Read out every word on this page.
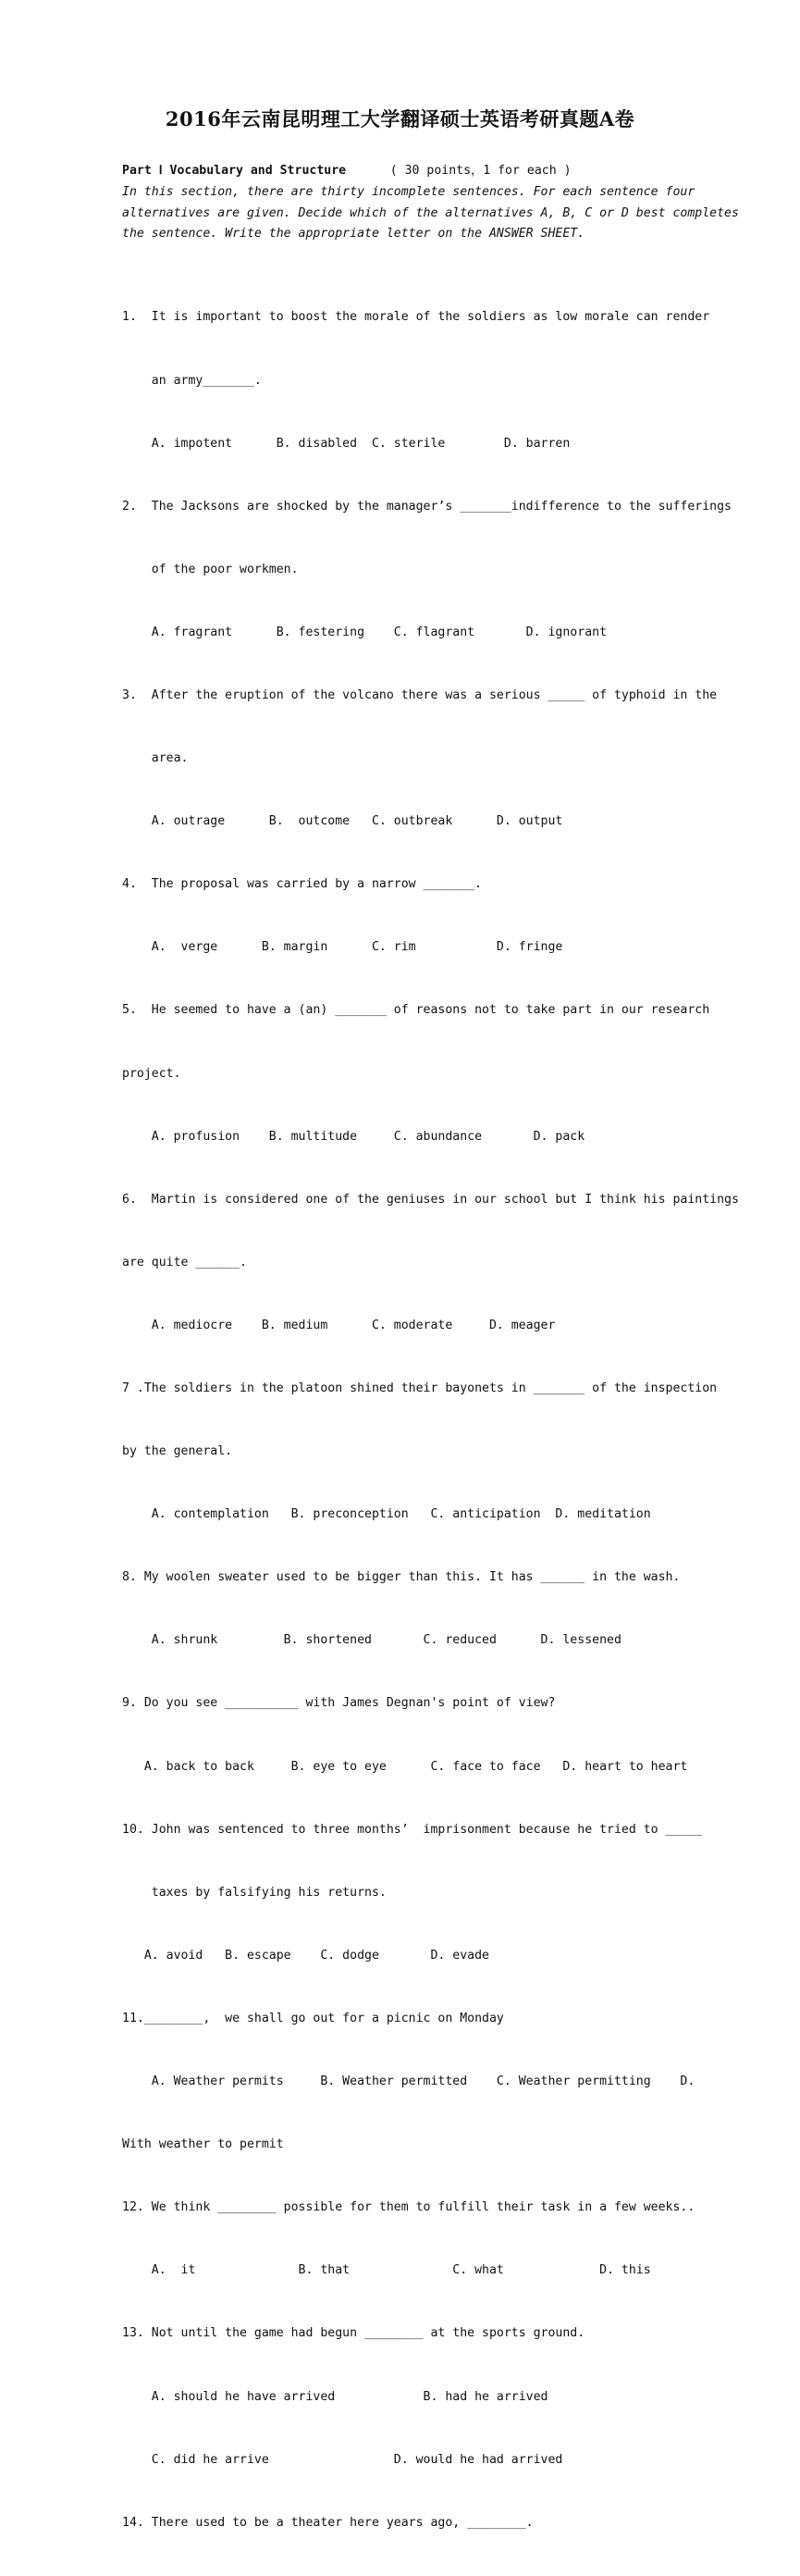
2016年云南昆明理工大学翻译硕士英语考研真题A卷
Part Ⅰ Vocabulary and Structure	( 30 points，1 for each )
In this section, there are thirty incomplete sentences. For each sentence four
alternatives are given. Decide which of the alternatives A, B, C or D best completes
the sentence. Write the appropriate letter on the ANSWER SHEET.

1.  It is important to boost the morale of the soldiers as low morale can render

an army_______.

A. impotent      B. disabled  C. sterile        D. barren

2.  The Jacksons are shocked by the manager’s _______indifference to the sufferings

of the poor workmen.

A. fragrant      B. festering    C. flagrant       D. ignorant

3.  After the eruption of the volcano there was a serious _____ of typhoid in the

area.

A. outrage      B.  outcome   C. outbreak      D. output

4.  The proposal was carried by a narrow _______.

A.  verge      B. margin      C. rim           D. fringe

5.  He seemed to have a (an) _______ of reasons not to take part in our research

project.

A. profusion    B. multitude     C. abundance       D. pack

6.  Martin is considered one of the geniuses in our school but I think his paintings

are quite ______.

A. mediocre    B. medium      C. moderate     D. meager

7 .The soldiers in the platoon shined their bayonets in _______ of the inspection

by the general.

A. contemplation   B. preconception   C. anticipation  D. meditation

8. My woolen sweater used to be bigger than this. It has ______ in the wash.

A. shrunk         B. shortened       C. reduced      D. lessened

9. Do you see __________ with James Degnan's point of view?

A. back to back     B. eye to eye      C. face to face   D. heart to heart

10. John was sentenced to three months’  imprisonment because he tried to _____

taxes by falsifying his returns.

A. avoid   B. escape    C. dodge       D. evade

11.________,  we shall go out for a picnic on Monday

A. Weather permits     B. Weather permitted    C. Weather permitting    D.

With weather to permit

12. We think ________ possible for them to fulfill their task in a few weeks..

A.  it              B. that              C. what             D. this

13. Not until the game had begun ________ at the sports ground.

A. should he have arrived            B. had he arrived

C. did he arrive                 D. would he had arrived

14. There used to be a theater here years ago, ________.
